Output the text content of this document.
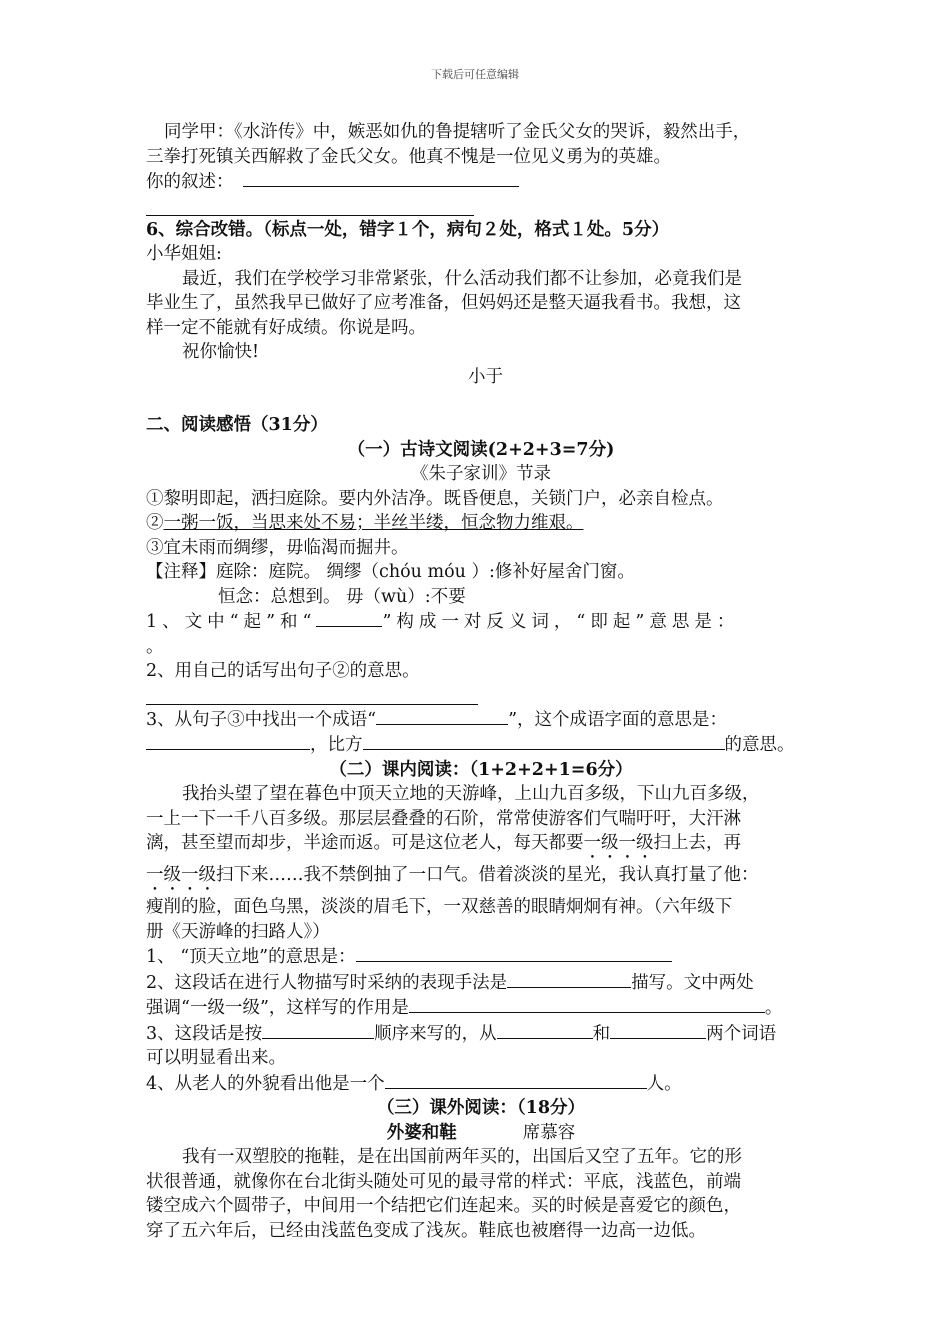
下载后可任意编辑

同学甲：《水浒传》中，嫉恶如仇的鲁提辖听了金氏父女的哭诉，毅然出手，

三拳打死镇关西解救了金氏父女。他真不愧是一位见义勇为的英雄。

你的叙述：

6、综合改错。（标点一处，错字１个，病句２处，格式１处。5分）

小华姐姐:

最近，我们在学校学习非常紧张，什么活动我们都不让参加，必竟我们是

毕业生了，虽然我早已做好了应考准备，但妈妈还是整天逼我看书。我想，这

样一定不能就有好成绩。你说是吗。

祝你愉快!

小于

二、阅读感悟（31分）

（一）古诗文阅读(2+2+3=7分)

《朱子家训》节录

①黎明即起，洒扫庭除。要内外洁净。既昏便息，关锁门户，必亲自检点。

②一粥一饭，当思来处不易；半丝半缕，恒念物力维艰。

③宜未雨而绸缪，毋临渴而掘井。

【注释】庭除：庭院。 绸缪（chóu móu ）:修补好屋舍门窗。

恒念：总想到。 毋（wù）:不要

1、文中“起”和“	”构成一对反义词，“即起”意思是：

。

2、用自己的话写出句子②的意思。

3、从句子③中找出一个成语“	”，这个成语字面的意思是：

，比方	的意思。

（二）课内阅读：（1+2+2+1=6分）

我抬头望了望在暮色中顶天立地的天游峰，上山九百多级，下山九百多级，

一上一下一千八百多级。那层层叠叠的石阶，常常使游客们气喘吁吁，大汗淋

漓，甚至望而却步，半途而返。可是这位老人，每天都要一级一级扫上去，再

一级一级扫下来……我不禁倒抽了一口气。借着淡淡的星光，我认真打量了他：

瘦削的脸，面色乌黑，淡淡的眉毛下，一双慈善的眼睛炯炯有神。（六年级下

册《天游峰的扫路人》）

1、 “顶天立地”的意思是：

2、这段话在进行人物描写时采纳的表现手法是	描写。文中两处

强调“一级一级”，这样写的作用是	。

3、这段话是按	顺序来写的，从	和	两个词语

可以明显看出来。

4、从老人的外貌看出他是一个	人。

（三）课外阅读：（18分）

外婆和鞋	席慕容

我有一双塑胶的拖鞋，是在出国前两年买的，出国后又空了五年。它的形

状很普通，就像你在台北街头随处可见的最寻常的样式：平底，浅蓝色，前端

镂空成六个圆带子，中间用一个结把它们连起来。买的时候是喜爱它的颜色，

穿了五六年后，已经由浅蓝色变成了浅灰。鞋底也被磨得一边高一边低。
